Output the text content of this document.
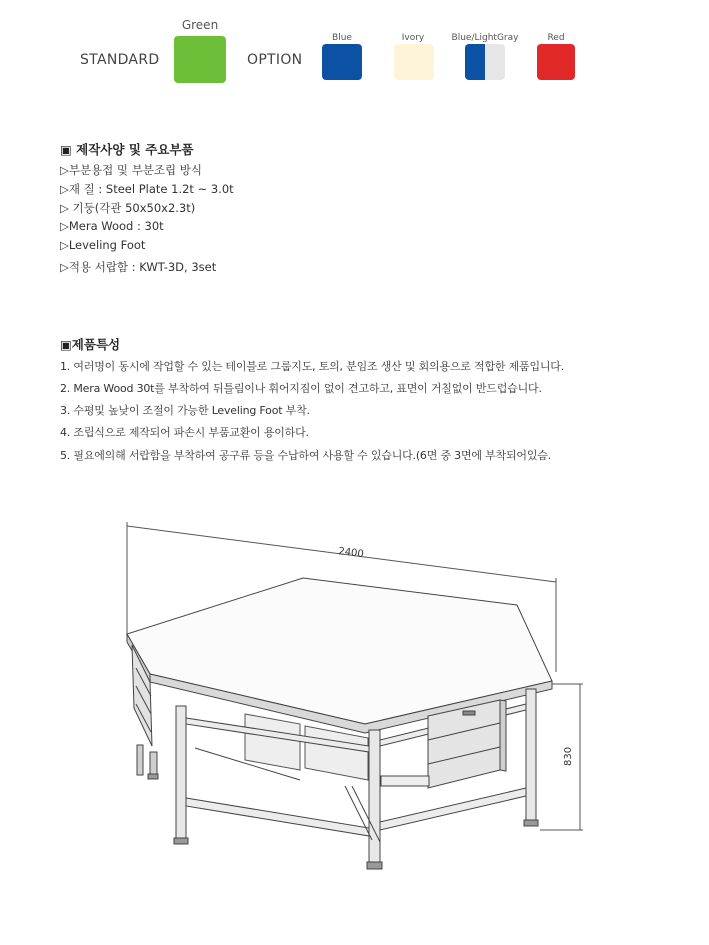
STANDARD
Green
OPTION
Blue	Ivory	Blue/LightGray	Red
▣ 제작사양 및 주요부품
▷부분용접 및 부분조립 방식
▷재 질 : Steel Plate 1.2t ~ 3.0t
▷ 기둥(각관 50x50x2.3t)
▷Mera Wood : 30t
▷Leveling Foot
▷적용 서랍함 : KWT-3D, 3set
▣제품특성
1. 여러명이 동시에 작업할 수 있는 테이블로 그룹지도, 토의, 분임조 생산 및 회의용으로 적합한 제품입니다.
2. Mera Wood 30t를 부착하여 뒤틀림이나 휘어지짐이 없이 견고하고, 표면이 거칠없이 반드럽습니다.
3. 수평및 높낮이 조절이 가능한 Leveling Foot 부착.
4. 조립식으로 제작되어 파손시 부품교환이 용이하다.
5. 필요에의해 서랍함을 부착하여 공구류 등을 수납하여 사용할 수 있습니다.(6면 중 3면에 부착되어있슴.
2400
830
